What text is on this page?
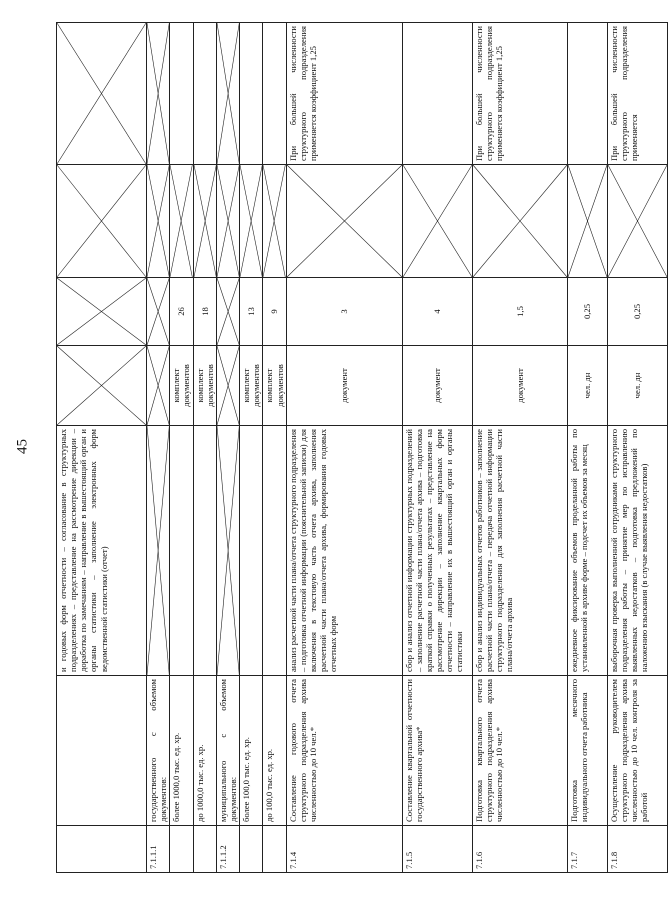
45
			и годовых форм отчетности – согласование в структурных подразделениях – представление на рассмотрение дирекции – доработка по замечаниям – направление в вышестоящий орган и органы статистики – заполнение электронных форм ведомственной статистики (отчет)	

7.1.1.1	государственного с объемом документов:	

	более 1000,0 тыс. ед. хр.		комплект документов	26	

	до 1000,0 тыс. ед. хр.		комплект документов	18	

7.1.1.2	муниципального с объемом документов:	

	более 100,0 тыс. ед. хр.		комплект документов	13	

	до 100,0 тыс. ед. хр.		комплект документов	9	

7.1.4	Составление годового отчета структурного подразделения архива численностью до 10 чел.*	анализ расчетной части плана/отчета структурного подразделения – подготовка отчетной информации (пояснительной записки) для включения в текстовую часть отчета архива, заполнения расчетной части плана/отчета архива, формирования годовых отчетных форм	документ	3		При большей численности структурного подразделения применяется коэффициент 1,25
7.1.5	Составление квартальной отчетности государственного архива*	сбор и анализ отчетной информации структурных подразделений – заполнение расчетной части плана/отчета архива – подготовка краткой справки о полученных результатах – представление на рассмотрение дирекции – заполнение квартальных форм отчетности – направление их в вышестоящий орган и органы статистики	документ	4	

7.1.6	Подготовка квартального отчета структурного подразделения архива численностью до 10 чел.*	сбор и анализ индивидуальных отчетов работников – заполнение расчетной части плана/отчета – передача отчетной информации структурного подразделения для заполнения расчетной части плана/отчета архива	документ	1,5		При большей численности структурного подразделения применяется коэффициент 1,25
7.1.7	Подготовка месячного индивидуального отчета работника	ежедневное фиксирование объемов проделанной работы по установленной в архиве форме – подсчет их объемов за месяц	чел. дн	0,25	

7.1.8	Осуществление руководителем структурного подразделения архива численностью до 10 чел. контроля за работой	выборочная проверка выполненной сотрудниками структурного подразделения работы – принятие мер по исправлению выявленных недостатков – подготовка предложений по наложению взыскания (в случае выявления недостатков)	чел. дн	0,25		При большей численности структурного подразделения применяется
